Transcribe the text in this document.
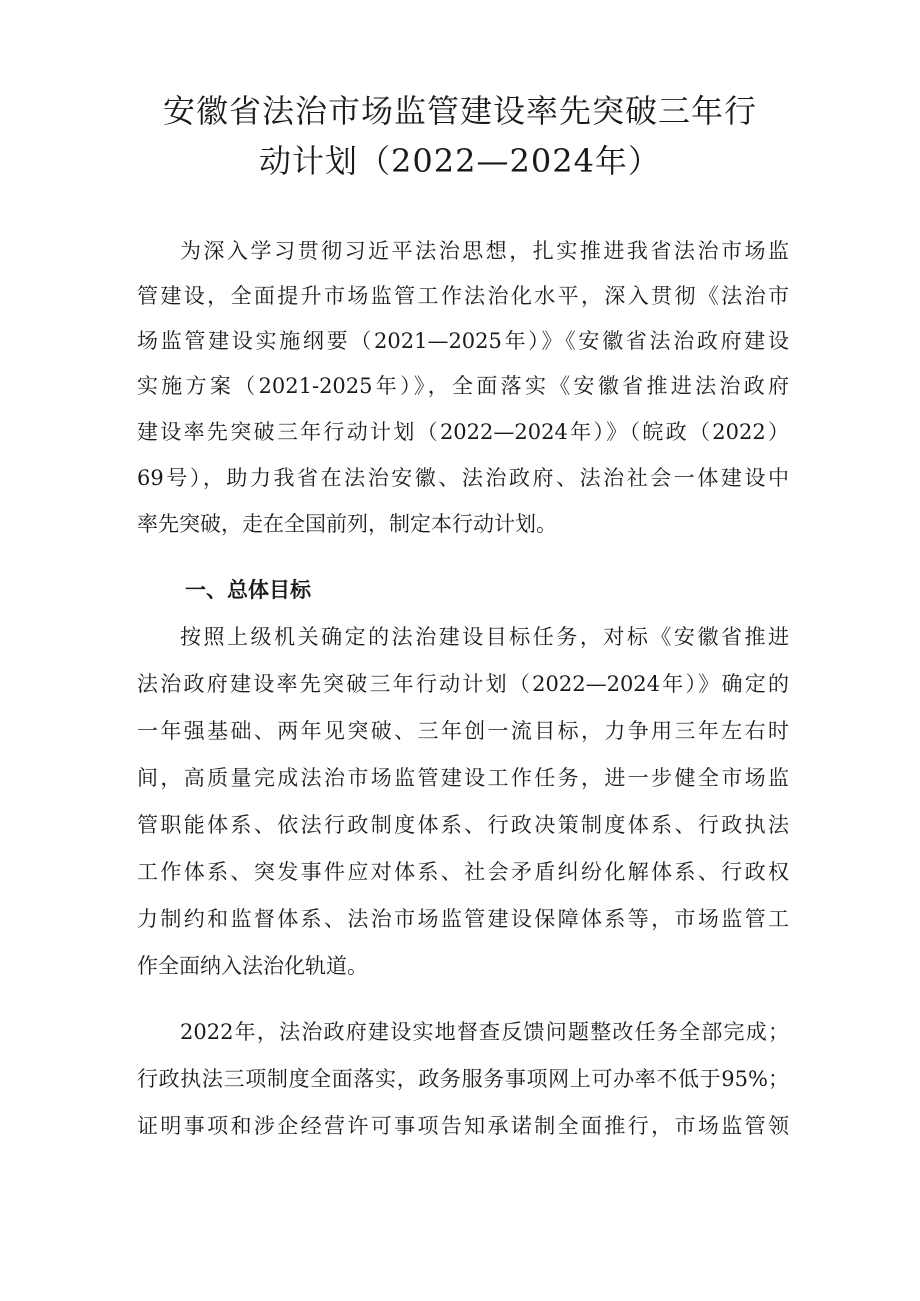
安徽省法治市场监管建设率先突破三年行
动计划（2022—2024年）
为深入学习贯彻习近平法治思想，扎实推进我省法治市场监
管建设，全面提升市场监管工作法治化水平，深入贯彻《法治市
场监管建设实施纲要（2021—2025年）》《安徽省法治政府建设
实施方案（2021-2025年）》，全面落实《安徽省推进法治政府
建设率先突破三年行动计划（2022—2024年）》（皖政（2022）
69号），助力我省在法治安徽、法治政府、法治社会一体建设中
率先突破，走在全国前列，制定本行动计划。
一、总体目标
按照上级机关确定的法治建设目标任务，对标《安徽省推进
法治政府建设率先突破三年行动计划（2022—2024年）》确定的
一年强基础、两年见突破、三年创一流目标，力争用三年左右时
间，高质量完成法治市场监管建设工作任务，进一步健全市场监
管职能体系、依法行政制度体系、行政决策制度体系、行政执法
工作体系、突发事件应对体系、社会矛盾纠纷化解体系、行政权
力制约和监督体系、法治市场监管建设保障体系等，市场监管工
作全面纳入法治化轨道。
2022年，法治政府建设实地督查反馈问题整改任务全部完成；
行政执法三项制度全面落实，政务服务事项网上可办率不低于95%；
证明事项和涉企经营许可事项告知承诺制全面推行，市场监管领
